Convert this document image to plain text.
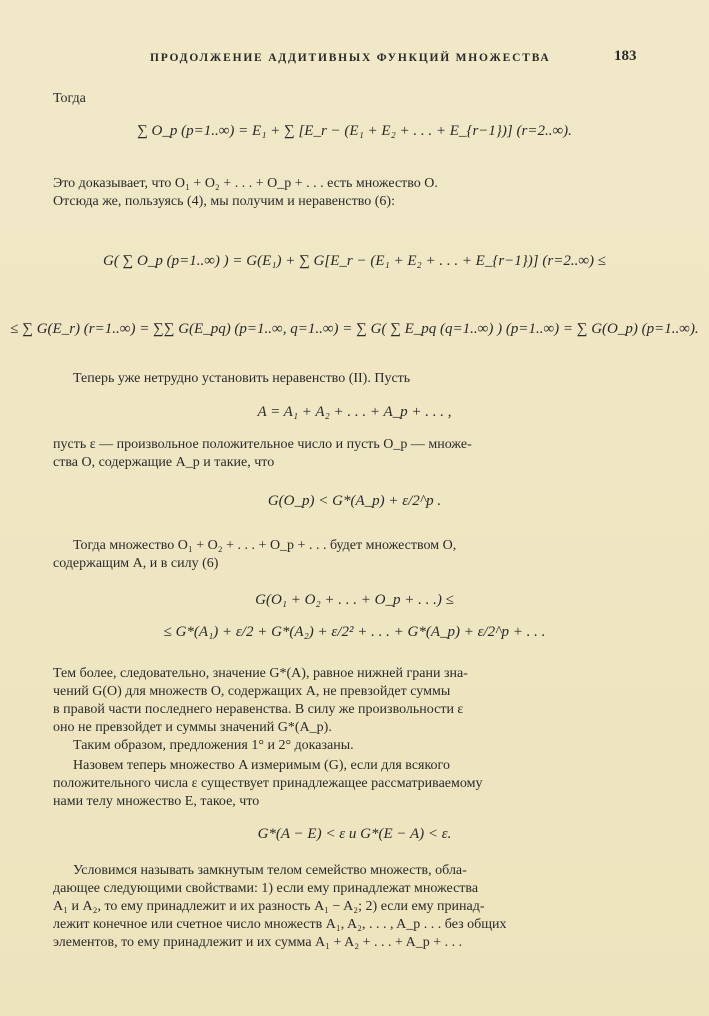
ПРОДОЛЖЕНИЕ АДДИТИВНЫХ ФУНКЦИЙ МНОЖЕСТВА	183
Тогда
∑ O_p (p=1..∞) = E₁ + ∑ [E_r − (E₁ + E₂ + . . . + E_{r−1})] (r=2..∞).
Это доказывает, что O₁ + O₂ + . . . + O_p + . . . есть множество O.
Отсюда же, пользуясь (4), мы получим и неравенство (6):
G( ∑ O_p (p=1..∞) ) = G(E₁) + ∑ G[E_r − (E₁ + E₂ + . . . + E_{r−1})] (r=2..∞) ≤
≤ ∑ G(E_r) (r=1..∞) = ∑∑ G(E_pq) (p=1..∞, q=1..∞) = ∑ G( ∑ E_pq (q=1..∞) ) (p=1..∞) = ∑ G(O_p) (p=1..∞).
Теперь уже нетрудно установить неравенство (II). Пусть
A = A₁ + A₂ + . . . + A_p + . . . ,
пусть ε — произвольное положительное число и пусть O_p — множе-
ства O, содержащие A_p и такие, что
G(O_p) < G*(A_p) + ε/2^p .
Тогда множество O₁ + O₂ + . . . + O_p + . . . будет множеством O,
содержащим A, и в силу (6)
G(O₁ + O₂ + . . . + O_p + . . .) ≤
≤ G*(A₁) + ε/2 + G*(A₂) + ε/2² + . . . + G*(A_p) + ε/2^p + . . .
Тем более, следовательно, значение G*(A), равное нижней грани зна-
чений G(O) для множеств O, содержащих A, не превзойдет суммы
в правой части последнего неравенства. В силу же произвольности ε
оно не превзойдет и суммы значений G*(A_p).
Таким образом, предложения 1° и 2° доказаны.
Назовем теперь множество A измеримым (G), если для всякого
положительного числа ε существует принадлежащее рассматриваемому
нами телу множество E, такое, что
G*(A − E) < ε и G*(E − A) < ε.
Условимся называть замкнутым телом семейство множеств, обла-
дающее следующими свойствами: 1) если ему принадлежат множества
A₁ и A₂, то ему принадлежит и их разность A₁ − A₂; 2) если ему принад-
лежит конечное или счетное число множеств A₁, A₂, . . . , A_p . . . без общих
элементов, то ему принадлежит и их сумма A₁ + A₂ + . . . + A_p + . . .
